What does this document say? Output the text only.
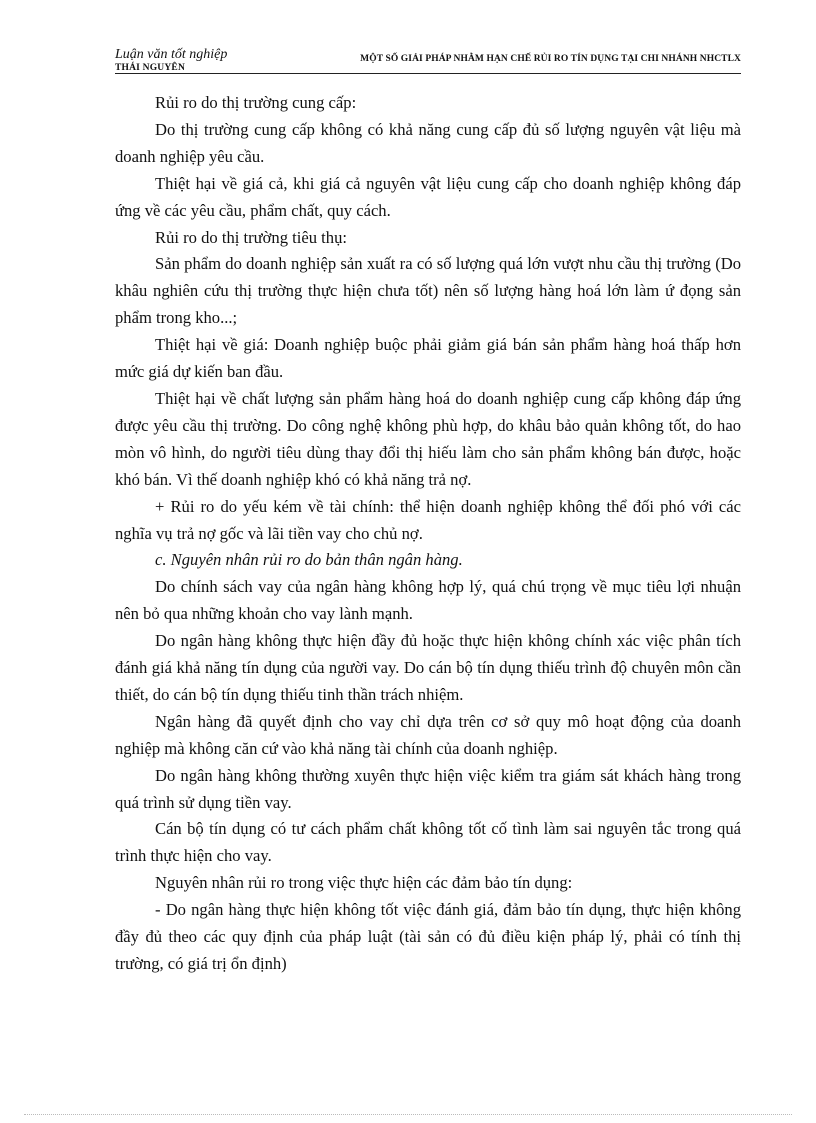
Luận văn tốt nghiệp
THÁI NGUYÊN
MỘT SỐ GIẢI PHÁP NHẰM HẠN CHẾ RỦI RO TÍN DỤNG TẠI CHI NHÁNH NHCTLX

Rủi ro do thị trường cung cấp:

Do thị trường cung cấp không có khả năng cung cấp đủ số lượng nguyên vật liệu mà doanh nghiệp yêu cầu.

Thiệt hại về giá cả, khi giá cả nguyên vật liệu cung cấp cho doanh nghiệp không đáp ứng về các yêu cầu, phẩm chất, quy cách.

Rủi ro do thị trường tiêu thụ:

Sản phẩm do doanh nghiệp sản xuất ra có số lượng quá lớn vượt nhu cầu thị trường (Do khâu nghiên cứu thị trường thực hiện chưa tốt) nên số lượng hàng hoá lớn làm ứ đọng sản phẩm trong kho...;

Thiệt hại về giá: Doanh nghiệp buộc phải giảm giá bán sản phẩm hàng hoá thấp hơn mức giá dự kiến ban đầu.

Thiệt hại về chất lượng sản phẩm hàng hoá do doanh nghiệp cung cấp không đáp ứng được yêu cầu thị trường. Do công nghệ không phù hợp, do khâu bảo quản không tốt, do hao mòn vô hình, do người tiêu dùng thay đổi thị hiếu làm cho sản phẩm không bán được, hoặc khó bán. Vì thế doanh nghiệp khó có khả năng trả nợ.

+ Rủi ro do yếu kém về tài chính: thể hiện doanh nghiệp không thể đối phó với các nghĩa vụ trả nợ gốc và lãi tiền vay cho chủ nợ.

c. Nguyên nhân rủi ro do bản thân ngân hàng.

Do chính sách vay của ngân hàng không hợp lý, quá chú trọng về mục tiêu lợi nhuận nên bỏ qua những khoản cho vay lành mạnh.

Do ngân hàng không thực hiện đầy đủ hoặc thực hiện không chính xác việc phân tích đánh giá khả năng tín dụng của người vay. Do cán bộ tín dụng thiếu trình độ chuyên môn cần thiết, do cán bộ tín dụng thiếu tinh thần trách nhiệm.

Ngân hàng đã quyết định cho vay chỉ dựa trên cơ sở quy mô hoạt động của doanh nghiệp mà không căn cứ vào khả năng tài chính của doanh nghiệp.

Do ngân hàng không thường xuyên thực hiện việc kiểm tra giám sát khách hàng trong quá trình sử dụng tiền vay.

Cán bộ tín dụng có tư cách phẩm chất không tốt cố tình làm sai nguyên tắc trong quá trình thực hiện cho vay.

Nguyên nhân rủi ro trong việc thực hiện các đảm bảo tín dụng:

- Do ngân hàng thực hiện không tốt việc đánh giá, đảm bảo tín dụng, thực hiện không đầy đủ theo các quy định của pháp luật (tài sản có đủ điều kiện pháp lý, phải có tính thị trường, có giá trị ổn định)
